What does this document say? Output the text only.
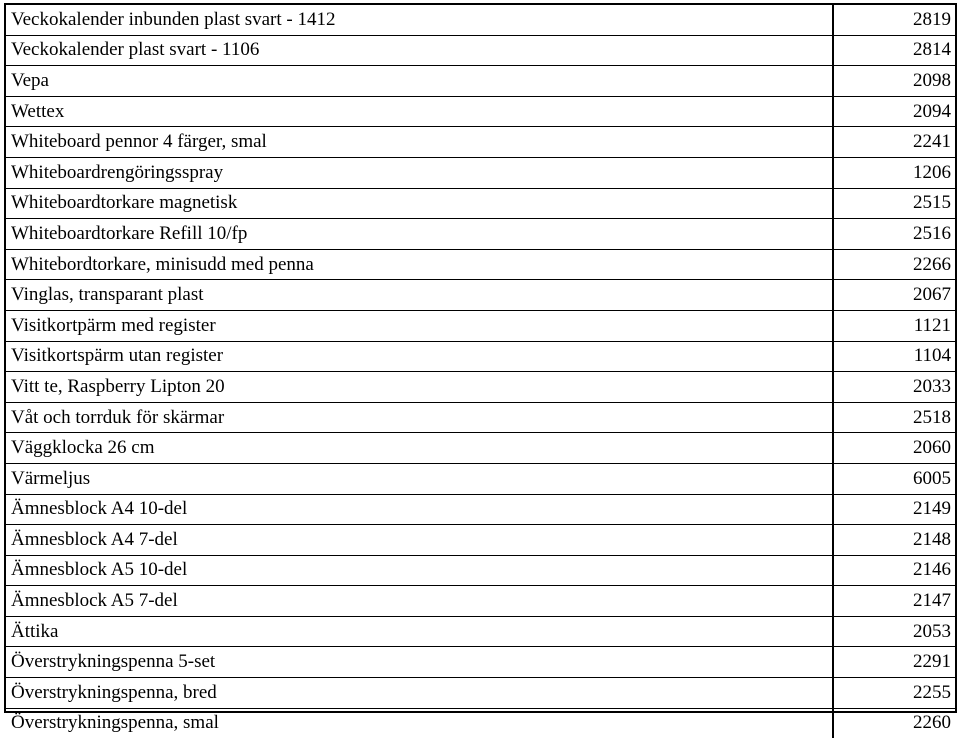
Veckokalender inbunden plast svart - 1412	2819
Veckokalender plast svart - 1106	2814
Vepa	2098
Wettex	2094
Whiteboard pennor 4 färger, smal	2241
Whiteboardrengöringsspray	1206
Whiteboardtorkare magnetisk	2515
Whiteboardtorkare Refill 10/fp	2516
Whitebordtorkare, minisudd med penna	2266
Vinglas, transparant plast	2067
Visitkortpärm med register	1121
Visitkortspärm utan register	1104
Vitt te, Raspberry Lipton 20	2033
Våt och torrduk för skärmar	2518
Väggklocka 26 cm	2060
Värmeljus	6005
Ämnesblock A4 10-del	2149
Ämnesblock A4 7-del	2148
Ämnesblock A5 10-del	2146
Ämnesblock A5 7-del	2147
Ättika	2053
Överstrykningspenna 5-set	2291
Överstrykningspenna, bred	2255
Överstrykningspenna, smal	2260
